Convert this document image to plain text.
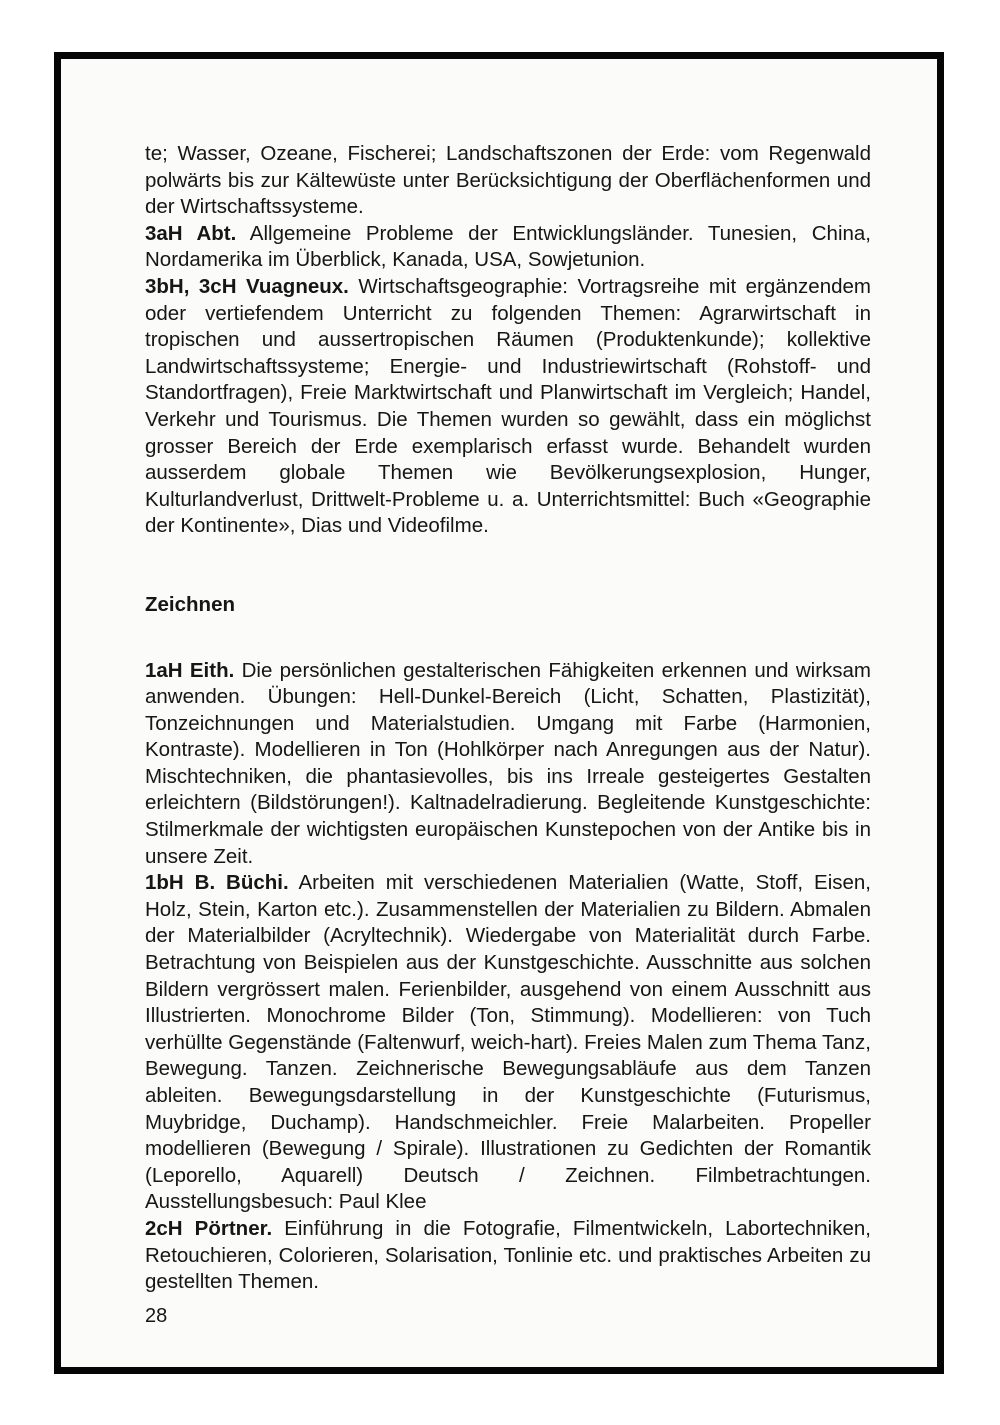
te; Wasser, Ozeane, Fischerei; Landschaftszonen der Erde: vom Regenwald polwärts bis zur Kältewüste unter Berücksichtigung der Oberflächenformen und der Wirtschaftssysteme.

3aH Abt. Allgemeine Probleme der Entwicklungsländer. Tunesien, China, Nordamerika im Überblick, Kanada, USA, Sowjetunion.

3bH, 3cH Vuagneux. Wirtschaftsgeographie: Vortragsreihe mit ergänzendem oder vertiefendem Unterricht zu folgenden Themen: Agrarwirtschaft in tropischen und aussertropischen Räumen (Produktenkunde); kollektive Landwirtschaftssysteme; Energie- und Industriewirtschaft (Rohstoff- und Standortfragen), Freie Marktwirtschaft und Planwirtschaft im Vergleich; Handel, Verkehr und Tourismus. Die Themen wurden so gewählt, dass ein möglichst grosser Bereich der Erde exemplarisch erfasst wurde. Behandelt wurden ausserdem globale Themen wie Bevölkerungsexplosion, Hunger, Kulturlandverlust, Drittwelt-Probleme u. a. Unterrichtsmittel: Buch «Geographie der Kontinente», Dias und Videofilme.

Zeichnen

1aH Eith. Die persönlichen gestalterischen Fähigkeiten erkennen und wirksam anwenden. Übungen: Hell-Dunkel-Bereich (Licht, Schatten, Plastizität), Tonzeichnungen und Materialstudien. Umgang mit Farbe (Harmonien, Kontraste). Modellieren in Ton (Hohlkörper nach Anregungen aus der Natur). Mischtechniken, die phantasievolles, bis ins Irreale gesteigertes Gestalten erleichtern (Bildstörungen!). Kaltnadelradierung. Begleitende Kunstgeschichte: Stilmerkmale der wichtigsten europäischen Kunstepochen von der Antike bis in unsere Zeit.

1bH B. Büchi. Arbeiten mit verschiedenen Materialien (Watte, Stoff, Eisen, Holz, Stein, Karton etc.). Zusammenstellen der Materialien zu Bildern. Abmalen der Materialbilder (Acryltechnik). Wiedergabe von Materialität durch Farbe. Betrachtung von Beispielen aus der Kunstgeschichte. Ausschnitte aus solchen Bildern vergrössert malen. Ferienbilder, ausgehend von einem Ausschnitt aus Illustrierten. Monochrome Bilder (Ton, Stimmung). Modellieren: von Tuch verhüllte Gegenstände (Faltenwurf, weich-hart). Freies Malen zum Thema Tanz, Bewegung. Tanzen. Zeichnerische Bewegungsabläufe aus dem Tanzen ableiten. Bewegungsdarstellung in der Kunstgeschichte (Futurismus, Muybridge, Duchamp). Handschmeichler. Freie Malarbeiten. Propeller modellieren (Bewegung / Spirale). Illustrationen zu Gedichten der Romantik (Leporello, Aquarell) Deutsch / Zeichnen. Filmbetrachtungen. Ausstellungsbesuch: Paul Klee

2cH Pörtner. Einführung in die Fotografie, Filmentwickeln, Labortechniken, Retouchieren, Colorieren, Solarisation, Tonlinie etc. und praktisches Arbeiten zu gestellten Themen.

28
